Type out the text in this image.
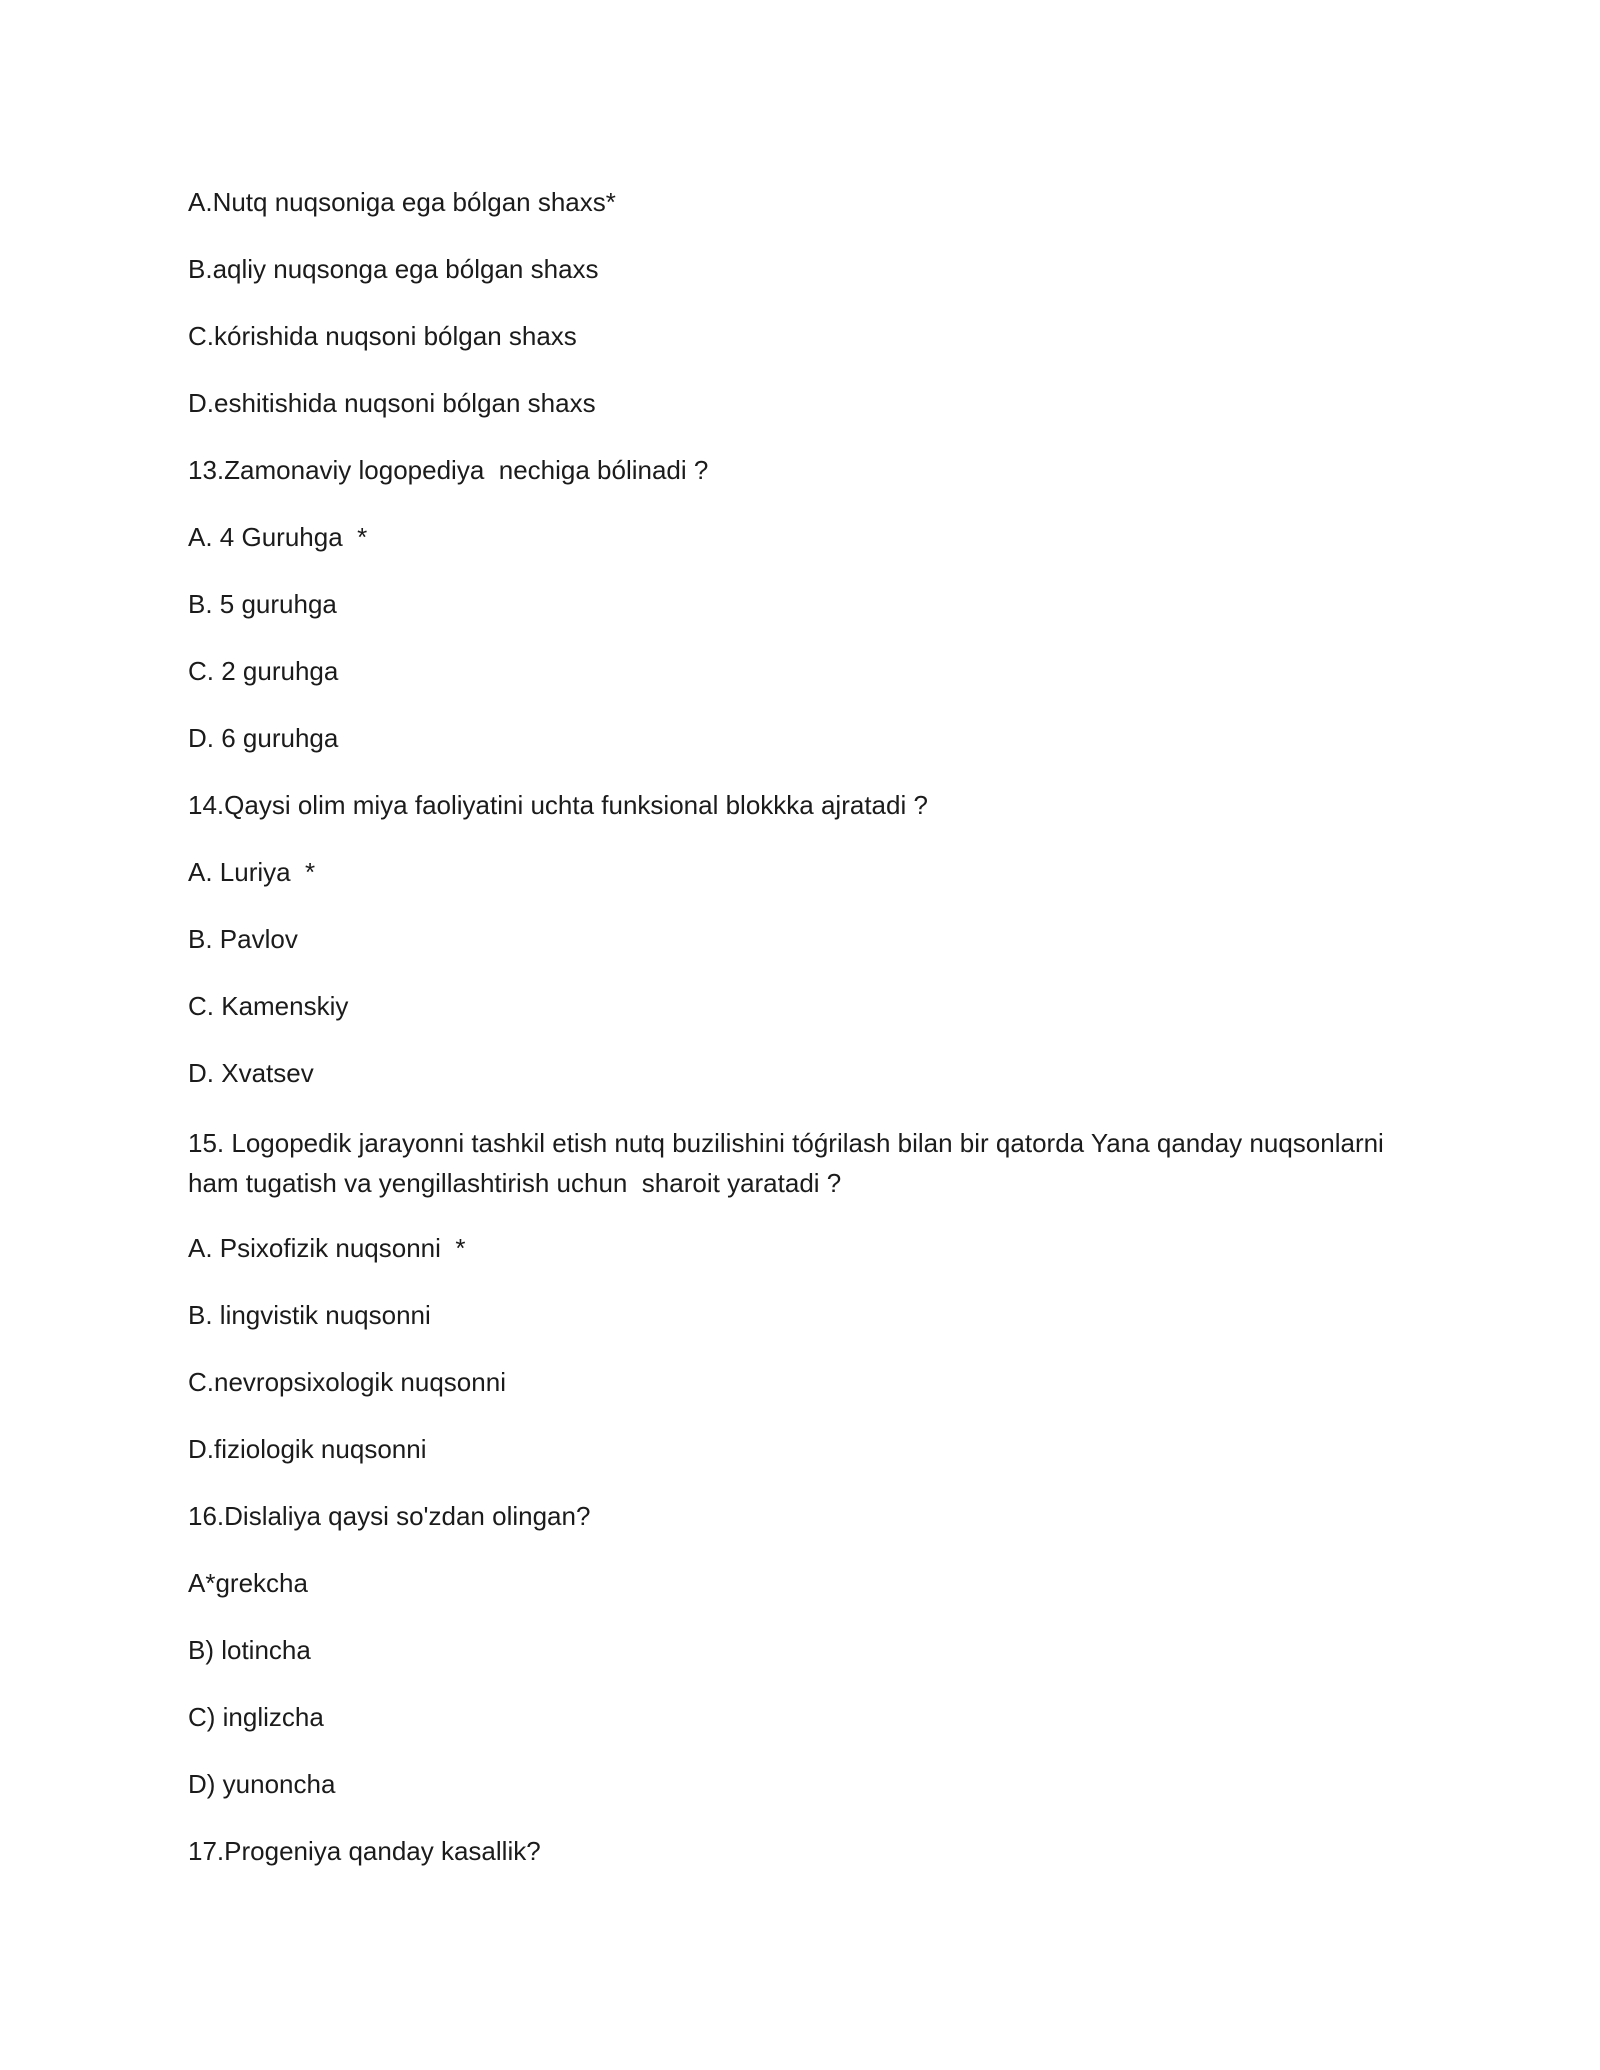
A.Nutq nuqsoniga ega bólgan shaxs*

B.aqliy nuqsonga ega bólgan shaxs

C.kórishida nuqsoni bólgan shaxs

D.eshitishida nuqsoni bólgan shaxs

13.Zamonaviy logopediya  nechiga bólinadi ?

A. 4 Guruhga  *

B. 5 guruhga

C. 2 guruhga

D. 6 guruhga

14.Qaysi olim miya faoliyatini uchta funksional blokkka ajratadi ?

A. Luriya  *

B. Pavlov

C. Kamenskiy

D. Xvatsev

15. Logopedik jarayonni tashkil etish nutq buzilishini tóǵrilash bilan bir qatorda Yana qanday nuqsonlarni ham tugatish va yengillashtirish uchun  sharoit yaratadi ?

A. Psixofizik nuqsonni  *

B. lingvistik nuqsonni

C.nevropsixologik nuqsonni

D.fiziologik nuqsonni

16.Dislaliya qaysi so'zdan olingan?

A*grekcha

B) lotincha

C) inglizcha

D) yunoncha

17.Progeniya qanday kasallik?
